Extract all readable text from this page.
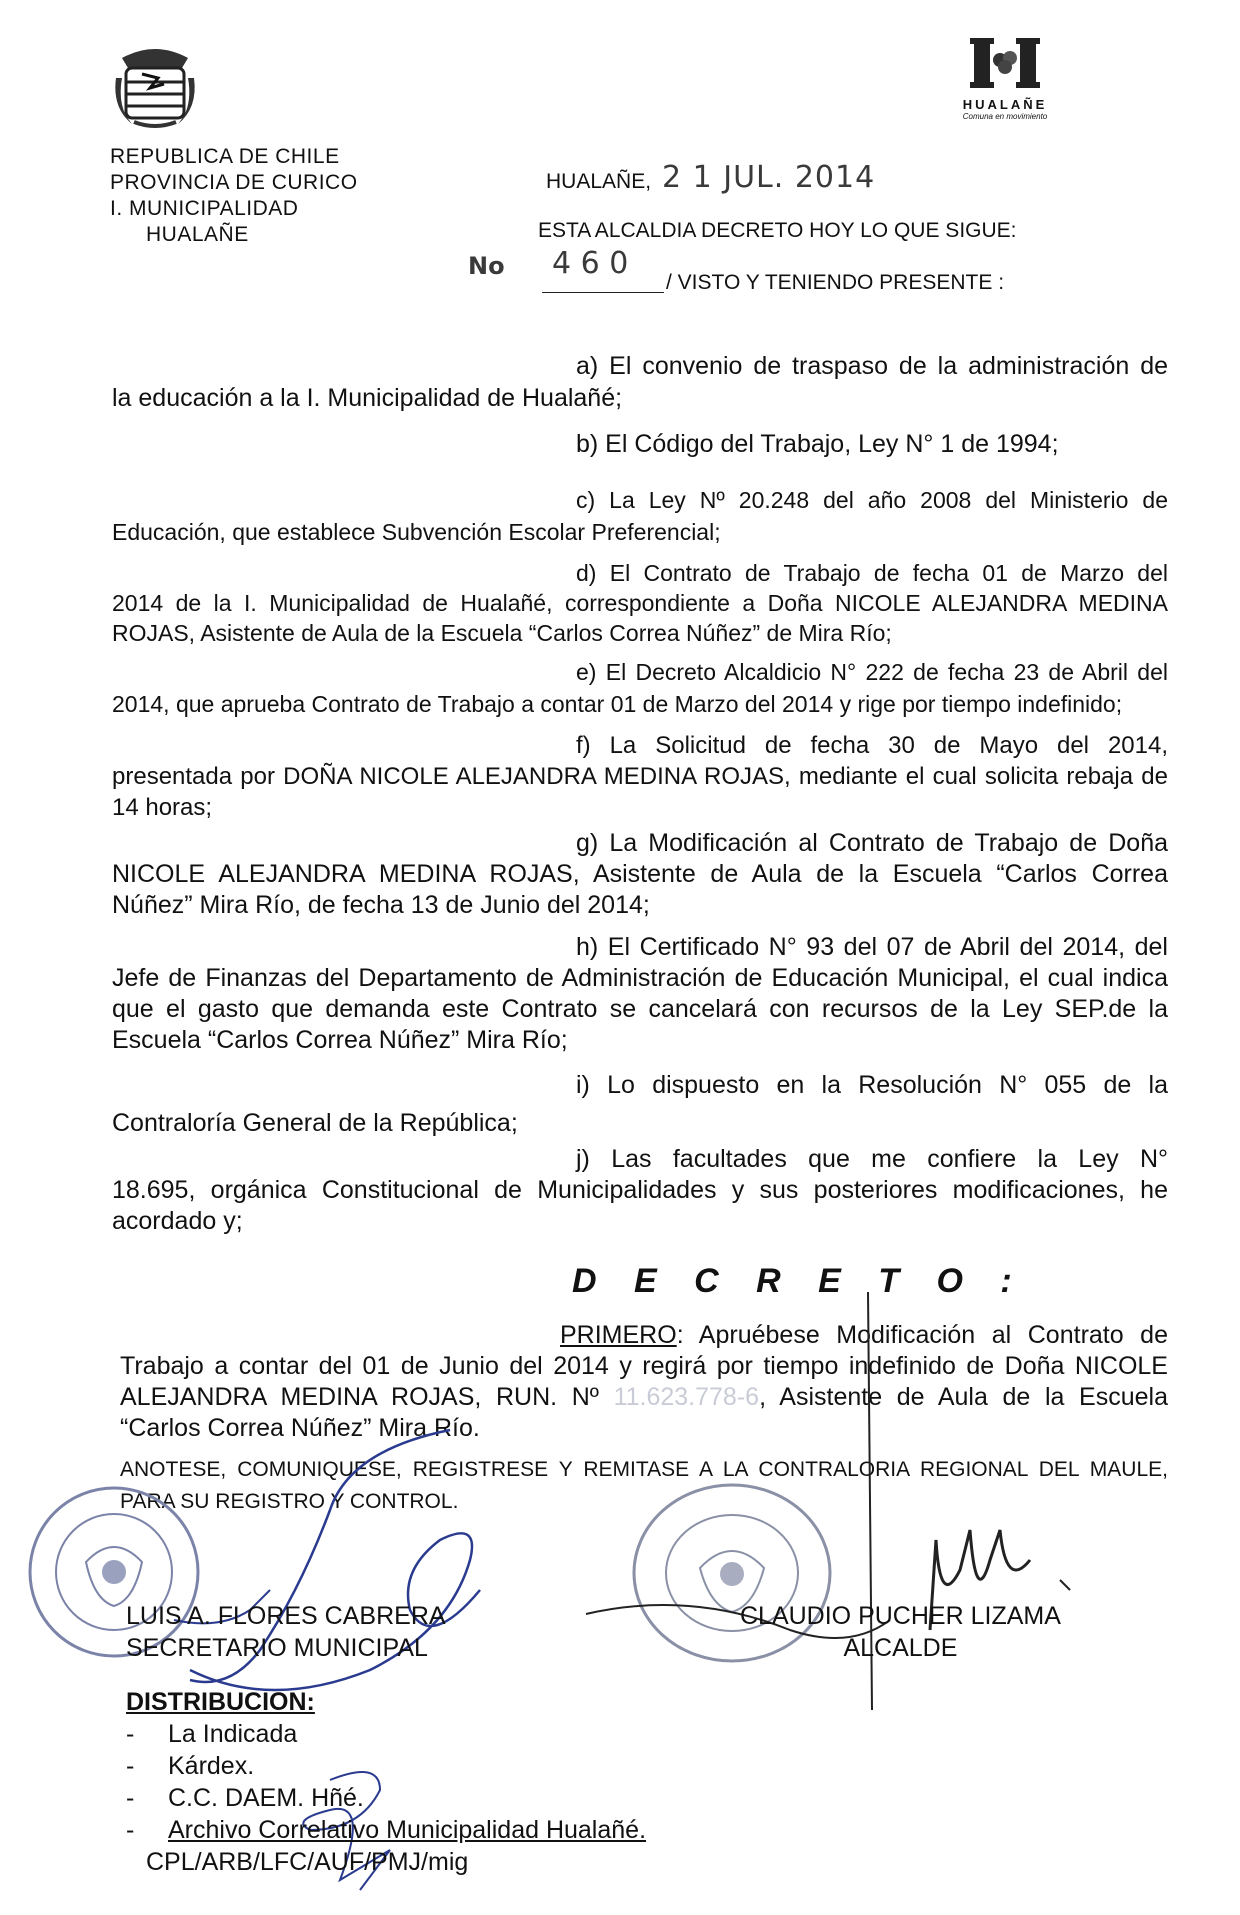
HUALAÑE
Comuna en movimiento
REPUBLICA DE CHILE
PROVINCIA DE CURICO
I. MUNICIPALIDAD
HUALAÑE
HUALAÑE, 2 1 JUL. 2014
ESTA ALCALDIA DECRETO HOY LO QUE SIGUE:
No 4 6 0
/ VISTO Y TENIENDO PRESENTE :
a) El convenio de traspaso de la administración de
la educación a la I. Municipalidad de Hualañé;
b) El Código del Trabajo, Ley N° 1 de 1994;
c) La Ley Nº 20.248 del año 2008 del Ministerio de
Educación, que establece Subvención Escolar Preferencial;
d) El Contrato de Trabajo de fecha 01 de Marzo del
2014 de la I. Municipalidad de Hualañé, correspondiente a Doña NICOLE ALEJANDRA MEDINA ROJAS, Asistente de Aula de la Escuela “Carlos Correa Núñez” de Mira Río;
e) El Decreto Alcaldicio N° 222 de fecha 23 de Abril del
2014, que aprueba Contrato de Trabajo a contar 01 de Marzo del 2014 y rige por tiempo indefinido;
f) La Solicitud de fecha 30 de Mayo del 2014,
presentada por DOÑA NICOLE ALEJANDRA MEDINA ROJAS, mediante el cual solicita rebaja de 14 horas;
g) La Modificación al Contrato de Trabajo de Doña
NICOLE ALEJANDRA MEDINA ROJAS, Asistente de Aula de la Escuela “Carlos Correa Núñez” Mira Río, de fecha 13 de Junio del 2014;
h) El Certificado N° 93 del 07 de Abril del 2014, del
Jefe de Finanzas del Departamento de Administración de Educación Municipal, el cual indica que el gasto que demanda este Contrato se cancelará con recursos de la Ley SEP.de la Escuela “Carlos Correa Núñez” Mira Río;
i) Lo dispuesto en la Resolución N° 055 de la
Contraloría General de la República;
j) Las facultades que me confiere la Ley N°
18.695, orgánica Constitucional de Municipalidades y sus posteriores modificaciones, he acordado y;
D E C R E T O :
PRIMERO: Apruébese Modificación al Contrato de
Trabajo a contar del 01 de Junio del 2014 y regirá por tiempo indefinido de Doña NICOLE ALEJANDRA MEDINA ROJAS, RUN. Nº 11.623.778-6, Asistente de Aula de la Escuela “Carlos Correa Núñez” Mira Río.
ANOTESE, COMUNIQUESE, REGISTRESE Y REMITASE A LA CONTRALORIA REGIONAL DEL MAULE, PARA SU REGISTRO Y CONTROL.
LUIS A. FLORES CABRERA
SECRETARIO MUNICIPAL
CLAUDIO PUCHER LIZAMA
ALCALDE
DISTRIBUCION:
- La Indicada
- Kárdex.
- C.C. DAEM. Hñé.
- Archivo Correlativo Municipalidad Hualañé.
CPL/ARB/LFC/AUF/PMJ/mig
